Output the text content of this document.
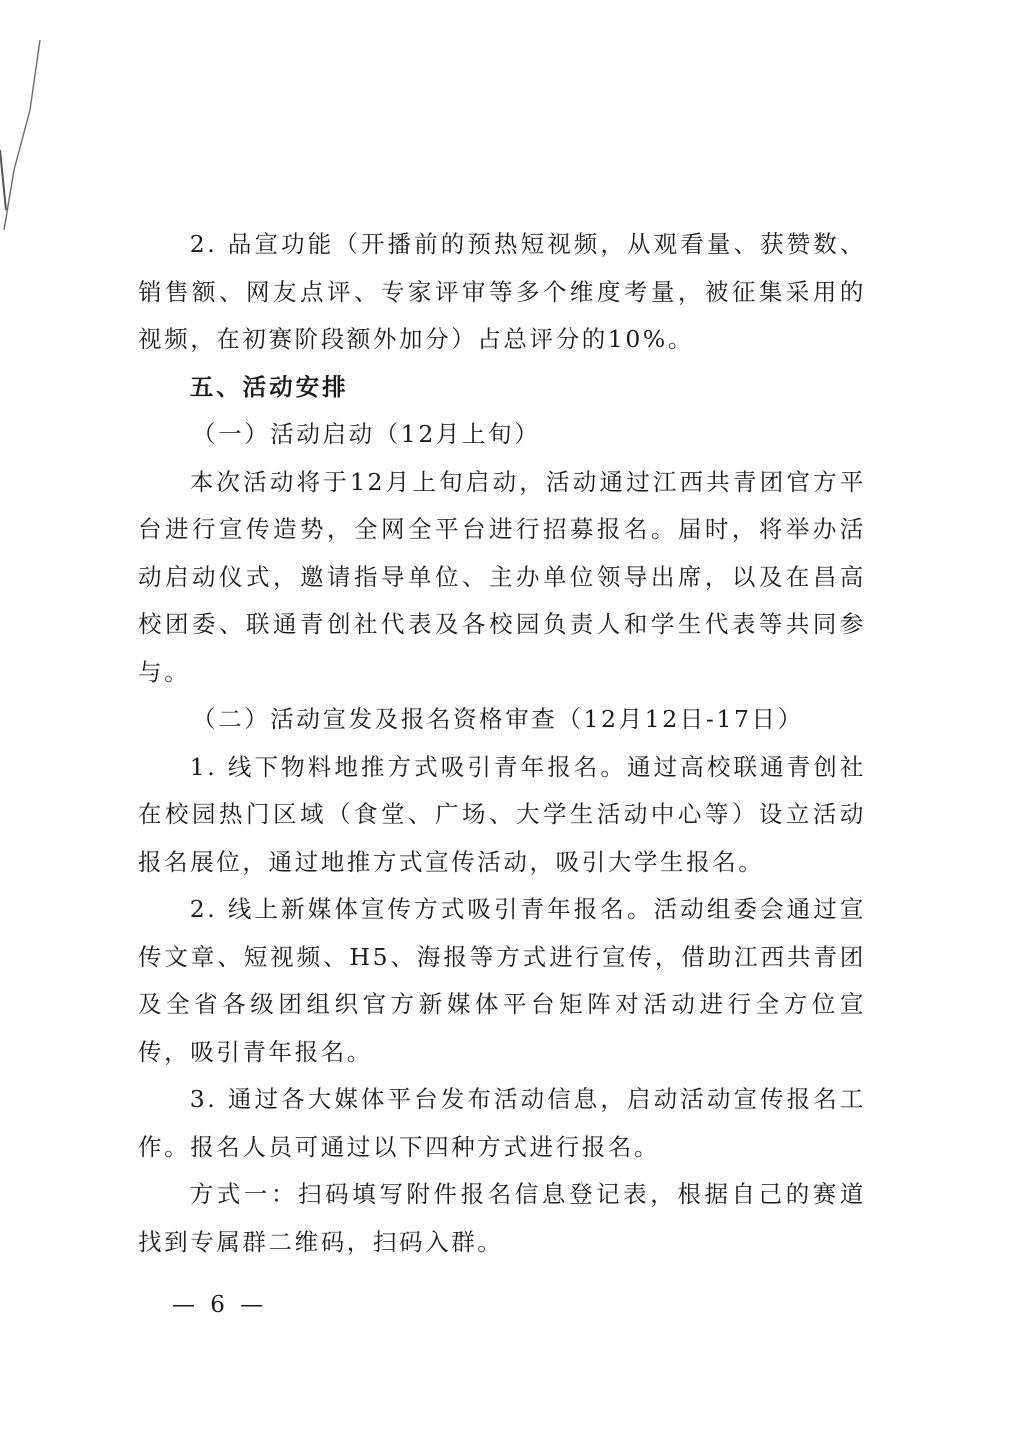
2. 品宣功能（开播前的预热短视频，从观看量、获赞数、销售额、网友点评、专家评审等多个维度考量，被征集采用的视频，在初赛阶段额外加分）占总评分的10%。

五、活动安排

（一）活动启动（12月上旬）

本次活动将于12月上旬启动，活动通过江西共青团官方平台进行宣传造势，全网全平台进行招募报名。届时，将举办活动启动仪式，邀请指导单位、主办单位领导出席，以及在昌高校团委、联通青创社代表及各校园负责人和学生代表等共同参与。

（二）活动宣发及报名资格审查（12月12日-17日）

1. 线下物料地推方式吸引青年报名。通过高校联通青创社在校园热门区域（食堂、广场、大学生活动中心等）设立活动报名展位，通过地推方式宣传活动，吸引大学生报名。

2. 线上新媒体宣传方式吸引青年报名。活动组委会通过宣传文章、短视频、H5、海报等方式进行宣传，借助江西共青团及全省各级团组织官方新媒体平台矩阵对活动进行全方位宣传，吸引青年报名。

3. 通过各大媒体平台发布活动信息，启动活动宣传报名工作。报名人员可通过以下四种方式进行报名。

方式一：扫码填写附件报名信息登记表，根据自己的赛道找到专属群二维码，扫码入群。

— 6 —
